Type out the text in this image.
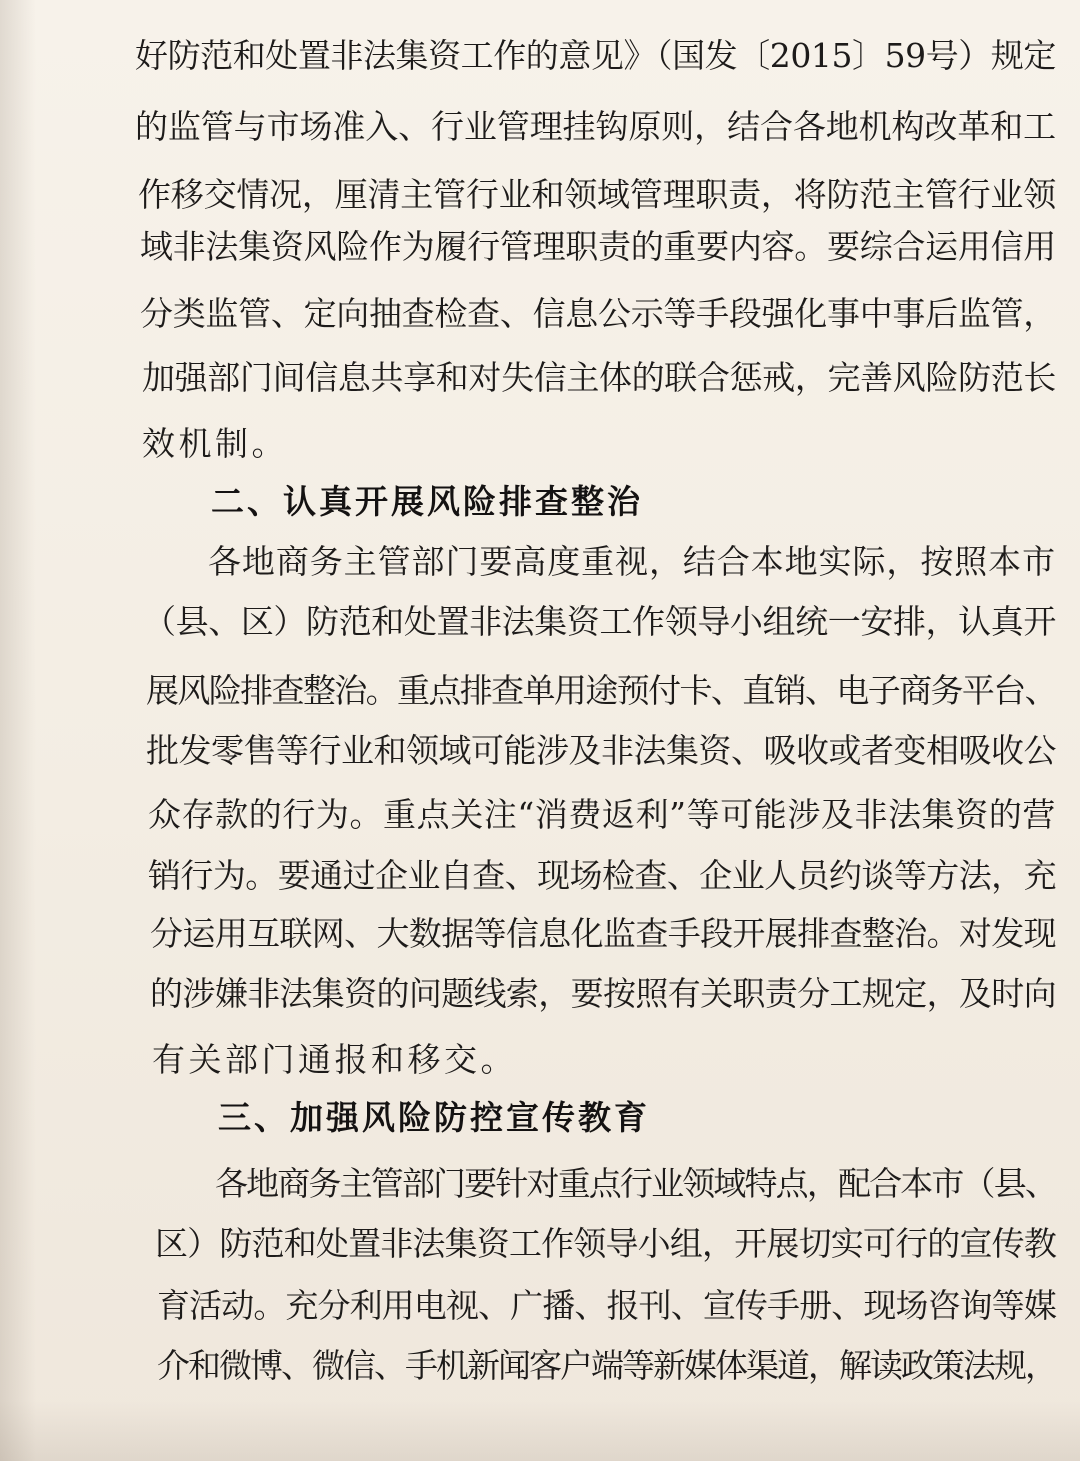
好防范和处置非法集资工作的意见》（国发〔2015〕59号）规定
的监管与市场准入、行业管理挂钩原则，结合各地机构改革和工
作移交情况，厘清主管行业和领域管理职责，将防范主管行业领
域非法集资风险作为履行管理职责的重要内容。要综合运用信用
分类监管、定向抽查检查、信息公示等手段强化事中事后监管，
加强部门间信息共享和对失信主体的联合惩戒，完善风险防范长
效机制。
二、认真开展风险排查整治
各地商务主管部门要高度重视，结合本地实际，按照本市
（县、区）防范和处置非法集资工作领导小组统一安排，认真开
展风险排查整治。重点排查单用途预付卡、直销、电子商务平台、
批发零售等行业和领域可能涉及非法集资、吸收或者变相吸收公
众存款的行为。重点关注“消费返利”等可能涉及非法集资的营
销行为。要通过企业自查、现场检查、企业人员约谈等方法，充
分运用互联网、大数据等信息化监查手段开展排查整治。对发现
的涉嫌非法集资的问题线索，要按照有关职责分工规定，及时向
有关部门通报和移交。
三、加强风险防控宣传教育
各地商务主管部门要针对重点行业领域特点，配合本市（县、
区）防范和处置非法集资工作领导小组，开展切实可行的宣传教
育活动。充分利用电视、广播、报刊、宣传手册、现场咨询等媒
介和微博、微信、手机新闻客户端等新媒体渠道，解读政策法规，
